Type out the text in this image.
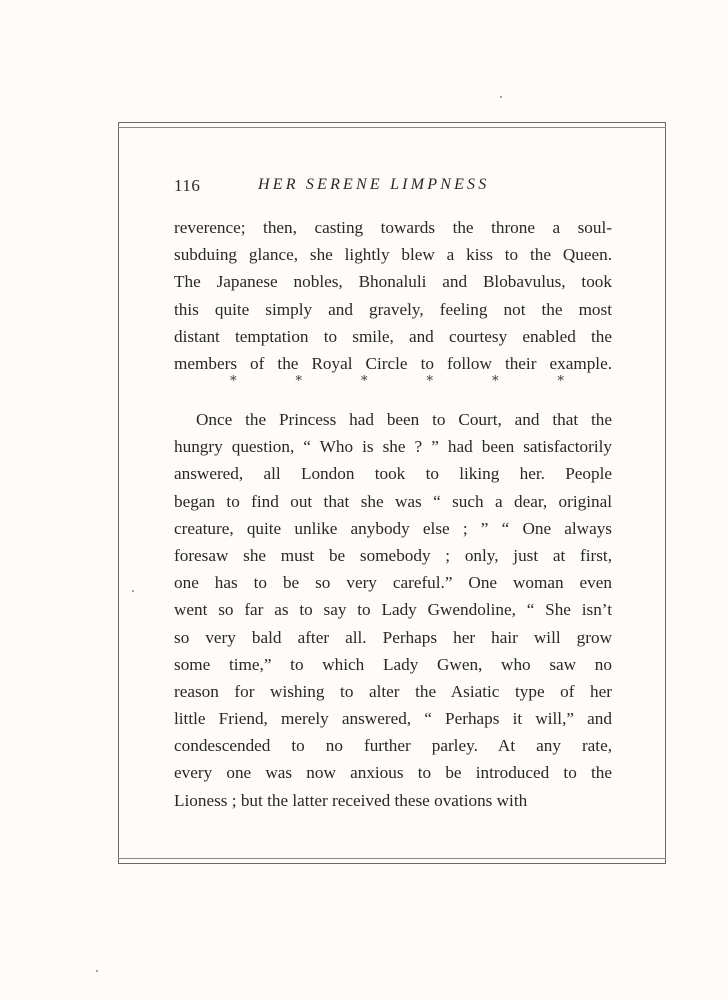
116	HER SERENE LIMPNESS
reverence; then, casting towards the throne a soul-
subduing glance, she lightly blew a kiss to the Queen.
The Japanese nobles, Bhonaluli and Blobavulus, took
this quite simply and gravely, feeling not the most
distant temptation to smile, and courtesy enabled the
members of the Royal Circle to follow their example.
*	*	*	*	*	*
Once the Princess had been to Court, and that the
hungry question, “ Who is she ? ” had been satisfactorily
answered, all London took to liking her. People
began to find out that she was “ such a dear, original
creature, quite unlike anybody else ; ” “ One always
foresaw she must be somebody ; only, just at first,
one has to be so very careful.” One woman even
went so far as to say to Lady Gwendoline, “ She isn’t
so very bald after all. Perhaps her hair will grow
some time,” to which Lady Gwen, who saw no
reason for wishing to alter the Asiatic type of her
little Friend, merely answered, “ Perhaps it will,” and
condescended to no further parley. At any rate,
every one was now anxious to be introduced to the
Lioness ; but the latter received these ovations with
